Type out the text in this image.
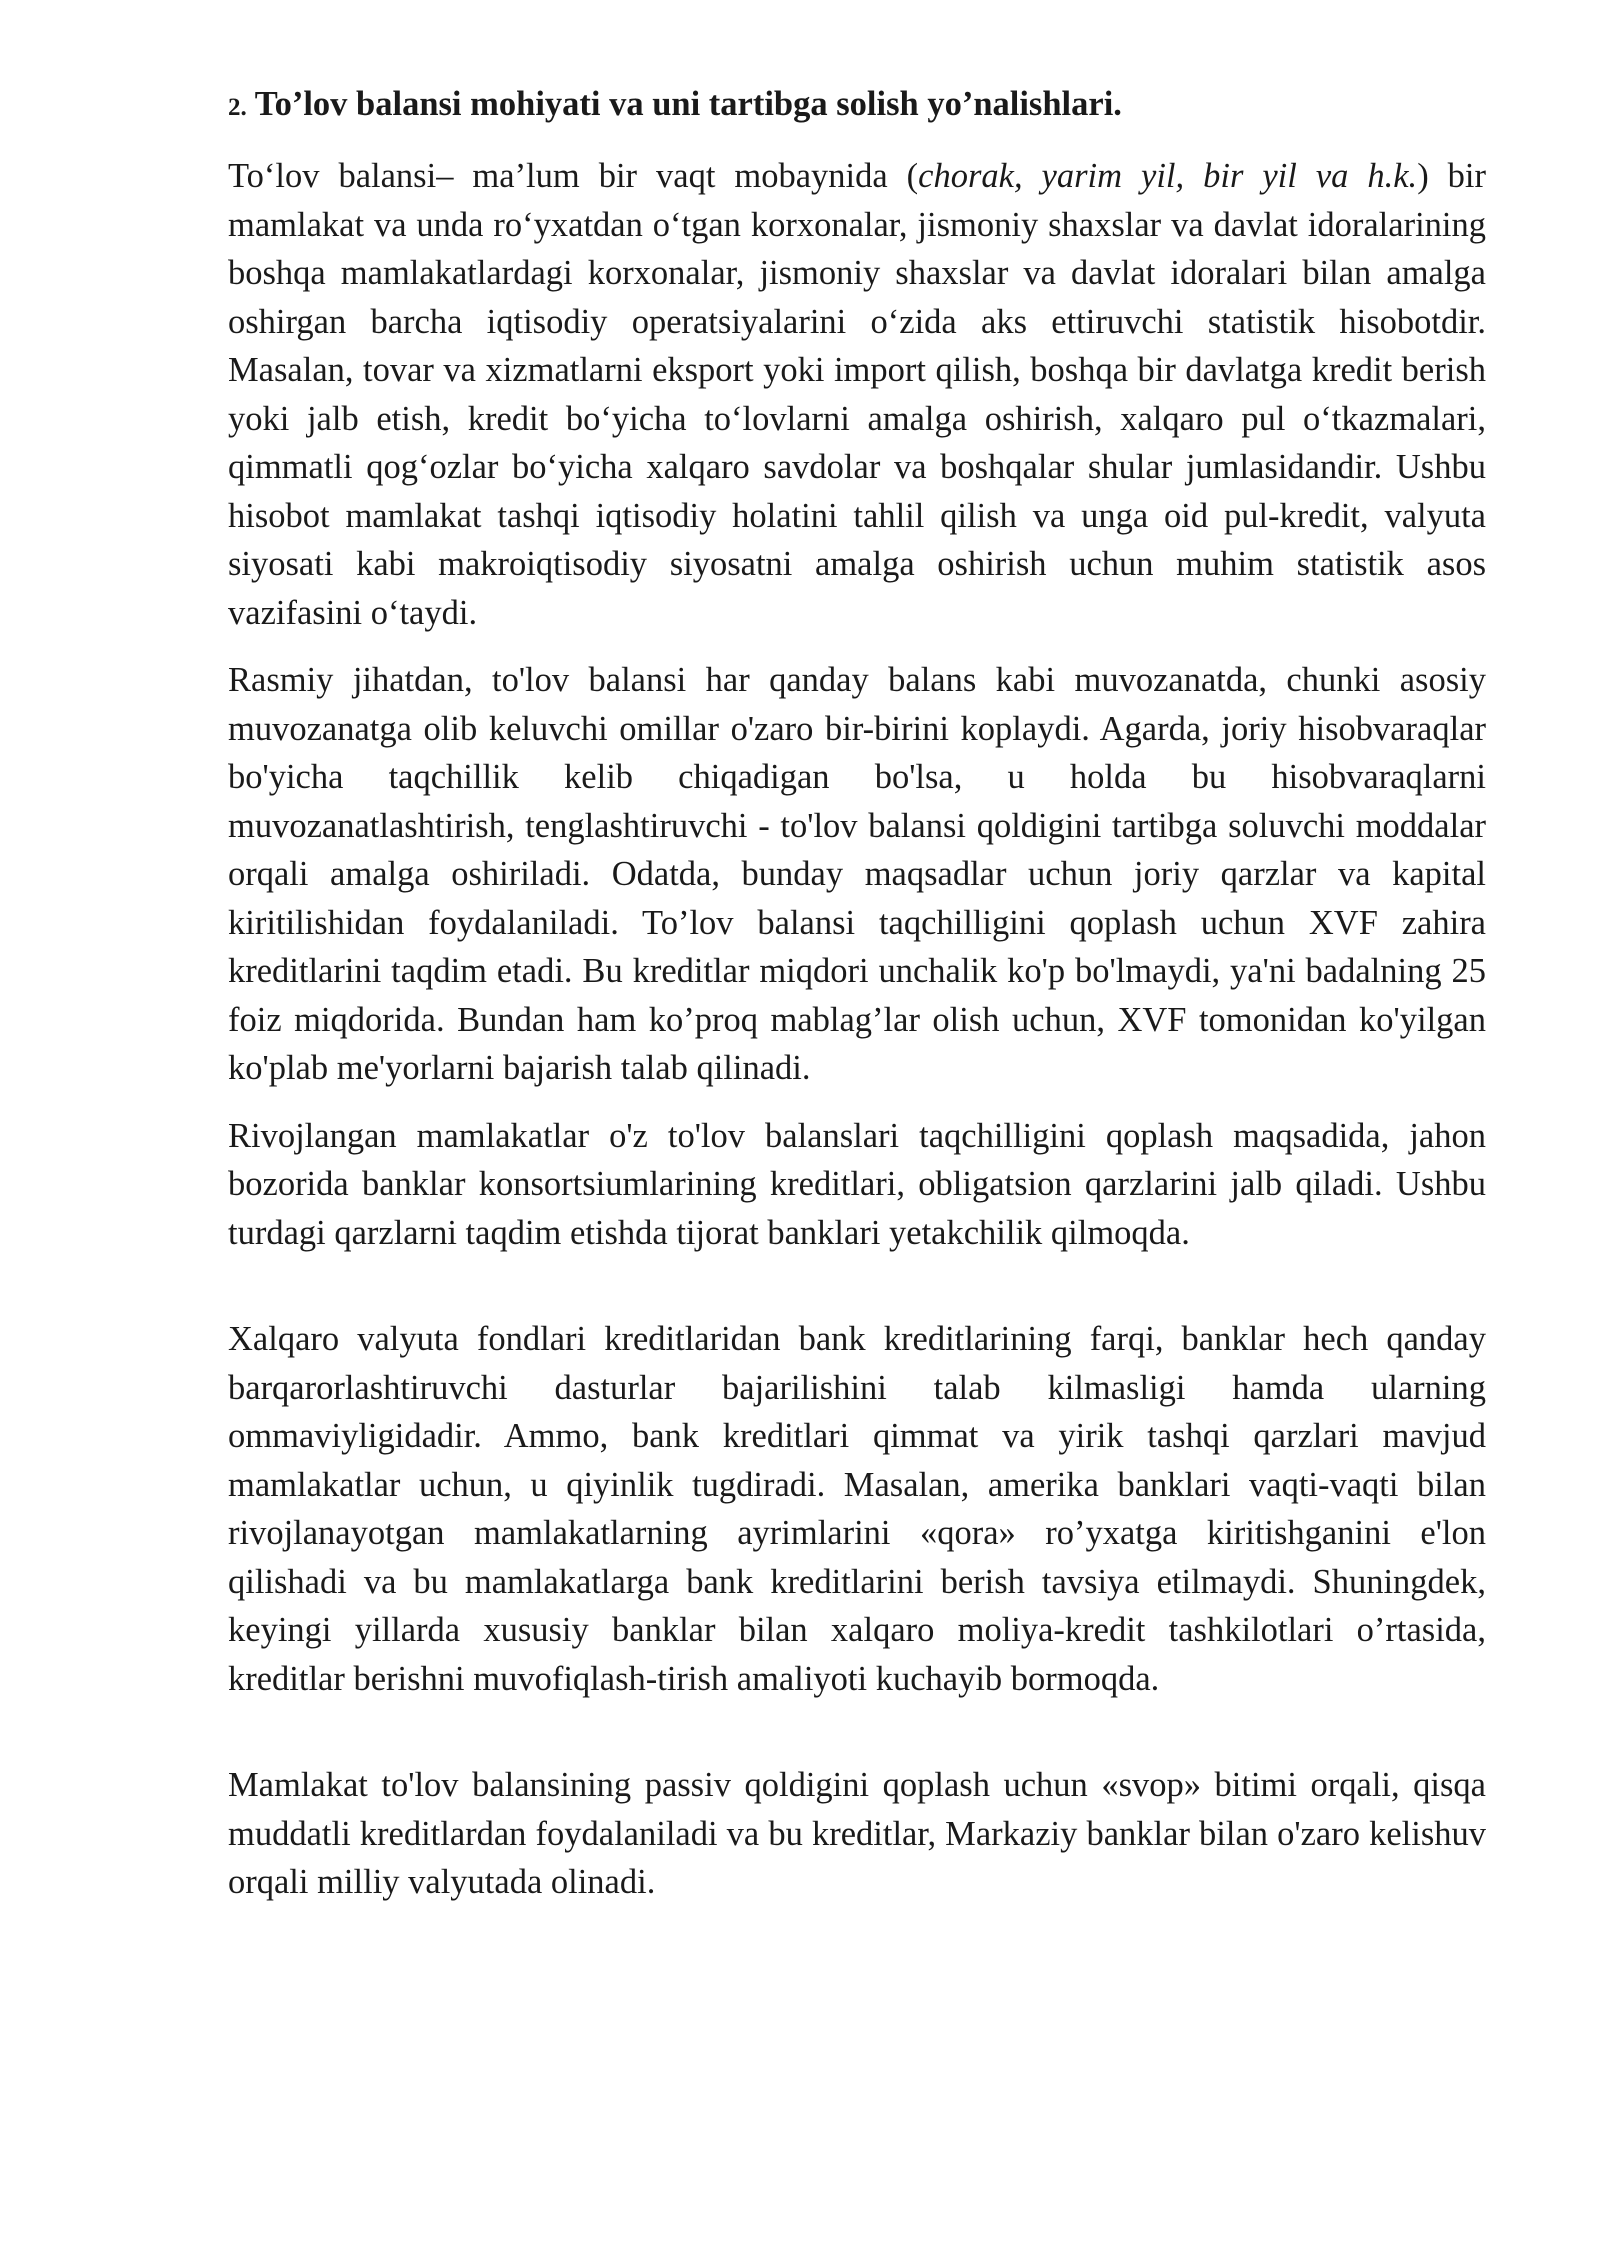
2. To’lov balansi mohiyati va uni tartibga solish yo’nalishlari.

To‘lov balansi– ma’lum bir vaqt mobaynida (chorak, yarim yil, bir yil va h.k.) bir mamlakat va unda ro‘yxatdan o‘tgan korxonalar, jismoniy shaxslar va davlat idoralarining boshqa mamlakatlardagi korxonalar, jismoniy shaxslar va davlat idoralari bilan amalga oshirgan barcha iqtisodiy operatsiyalarini o‘zida aks ettiruvchi statistik hisobotdir. Masalan, tovar va xizmatlarni eksport yoki import qilish, boshqa bir davlatga kredit berish yoki jalb etish, kredit bo‘yicha to‘lovlarni amalga oshirish, xalqaro pul o‘tkazmalari, qimmatli qog‘ozlar bo‘yicha xalqaro savdolar va boshqalar shular jumlasidandir. Ushbu hisobot mamlakat tashqi iqtisodiy holatini tahlil qilish va unga oid pul-kredit, valyuta siyosati kabi makroiqtisodiy siyosatni amalga oshirish uchun muhim statistik asos vazifasini o‘taydi.

Rasmiy jihatdan, to'lov balansi har qanday balans kabi muvozanatda, chunki asosiy muvozanatga olib keluvchi omillar o'zaro bir-birini koplaydi. Agarda, joriy hisobvaraqlar bo'yicha taqchillik kelib chiqadigan bo'lsa, u holda bu hisobvaraqlarni muvozanatlashtirish, tenglashtiruvchi - to'lov balansi qoldigini tartibga soluvchi moddalar orqali amalga oshiriladi. Odatda, bunday maqsadlar uchun joriy qarzlar va kapital kiritilishidan foydalaniladi. To’lov balansi taqchilligini qoplash uchun XVF zahira kreditlarini taqdim etadi. Bu kreditlar miqdori unchalik ko'p bo'lmaydi, ya'ni badalning 25 foiz miqdorida. Bundan ham ko’proq mablag’lar olish uchun, XVF tomonidan ko'yilgan ko'plab me'yorlarni bajarish talab qilinadi.

Rivojlangan mamlakatlar o'z to'lov balanslari taqchilligini qoplash maqsadida, jahon bozorida banklar konsortsiumlarining kreditlari, obligatsion qarzlarini jalb qiladi. Ushbu turdagi qarzlarni taqdim etishda tijorat banklari yetakchilik qilmoqda.

Xalqaro valyuta fondlari kreditlaridan bank kreditlarining farqi, banklar hech qanday barqarorlashtiruvchi dasturlar bajarilishini talab kilmasligi hamda ularning ommaviyligidadir. Ammo, bank kreditlari qimmat va yirik tashqi qarzlari mavjud mamlakatlar uchun, u qiyinlik tugdiradi. Masalan, amerika banklari vaqti-vaqti bilan rivojlanayotgan mamlakatlarning ayrimlarini «qora» ro’yxatga kiritishganini e'lon qilishadi va bu mamlakatlarga bank kreditlarini berish tavsiya etilmaydi. Shuningdek, keyingi yillarda xususiy banklar bilan xalqaro moliya-kredit tashkilotlari o’rtasida, kreditlar berishni muvofiqlash-tirish amaliyoti kuchayib bormoqda.

Mamlakat to'lov balansining passiv qoldigini qoplash uchun «svop» bitimi orqali, qisqa muddatli kreditlardan foydalaniladi va bu kreditlar, Markaziy banklar bilan o'zaro kelishuv orqali milliy valyutada olinadi.
